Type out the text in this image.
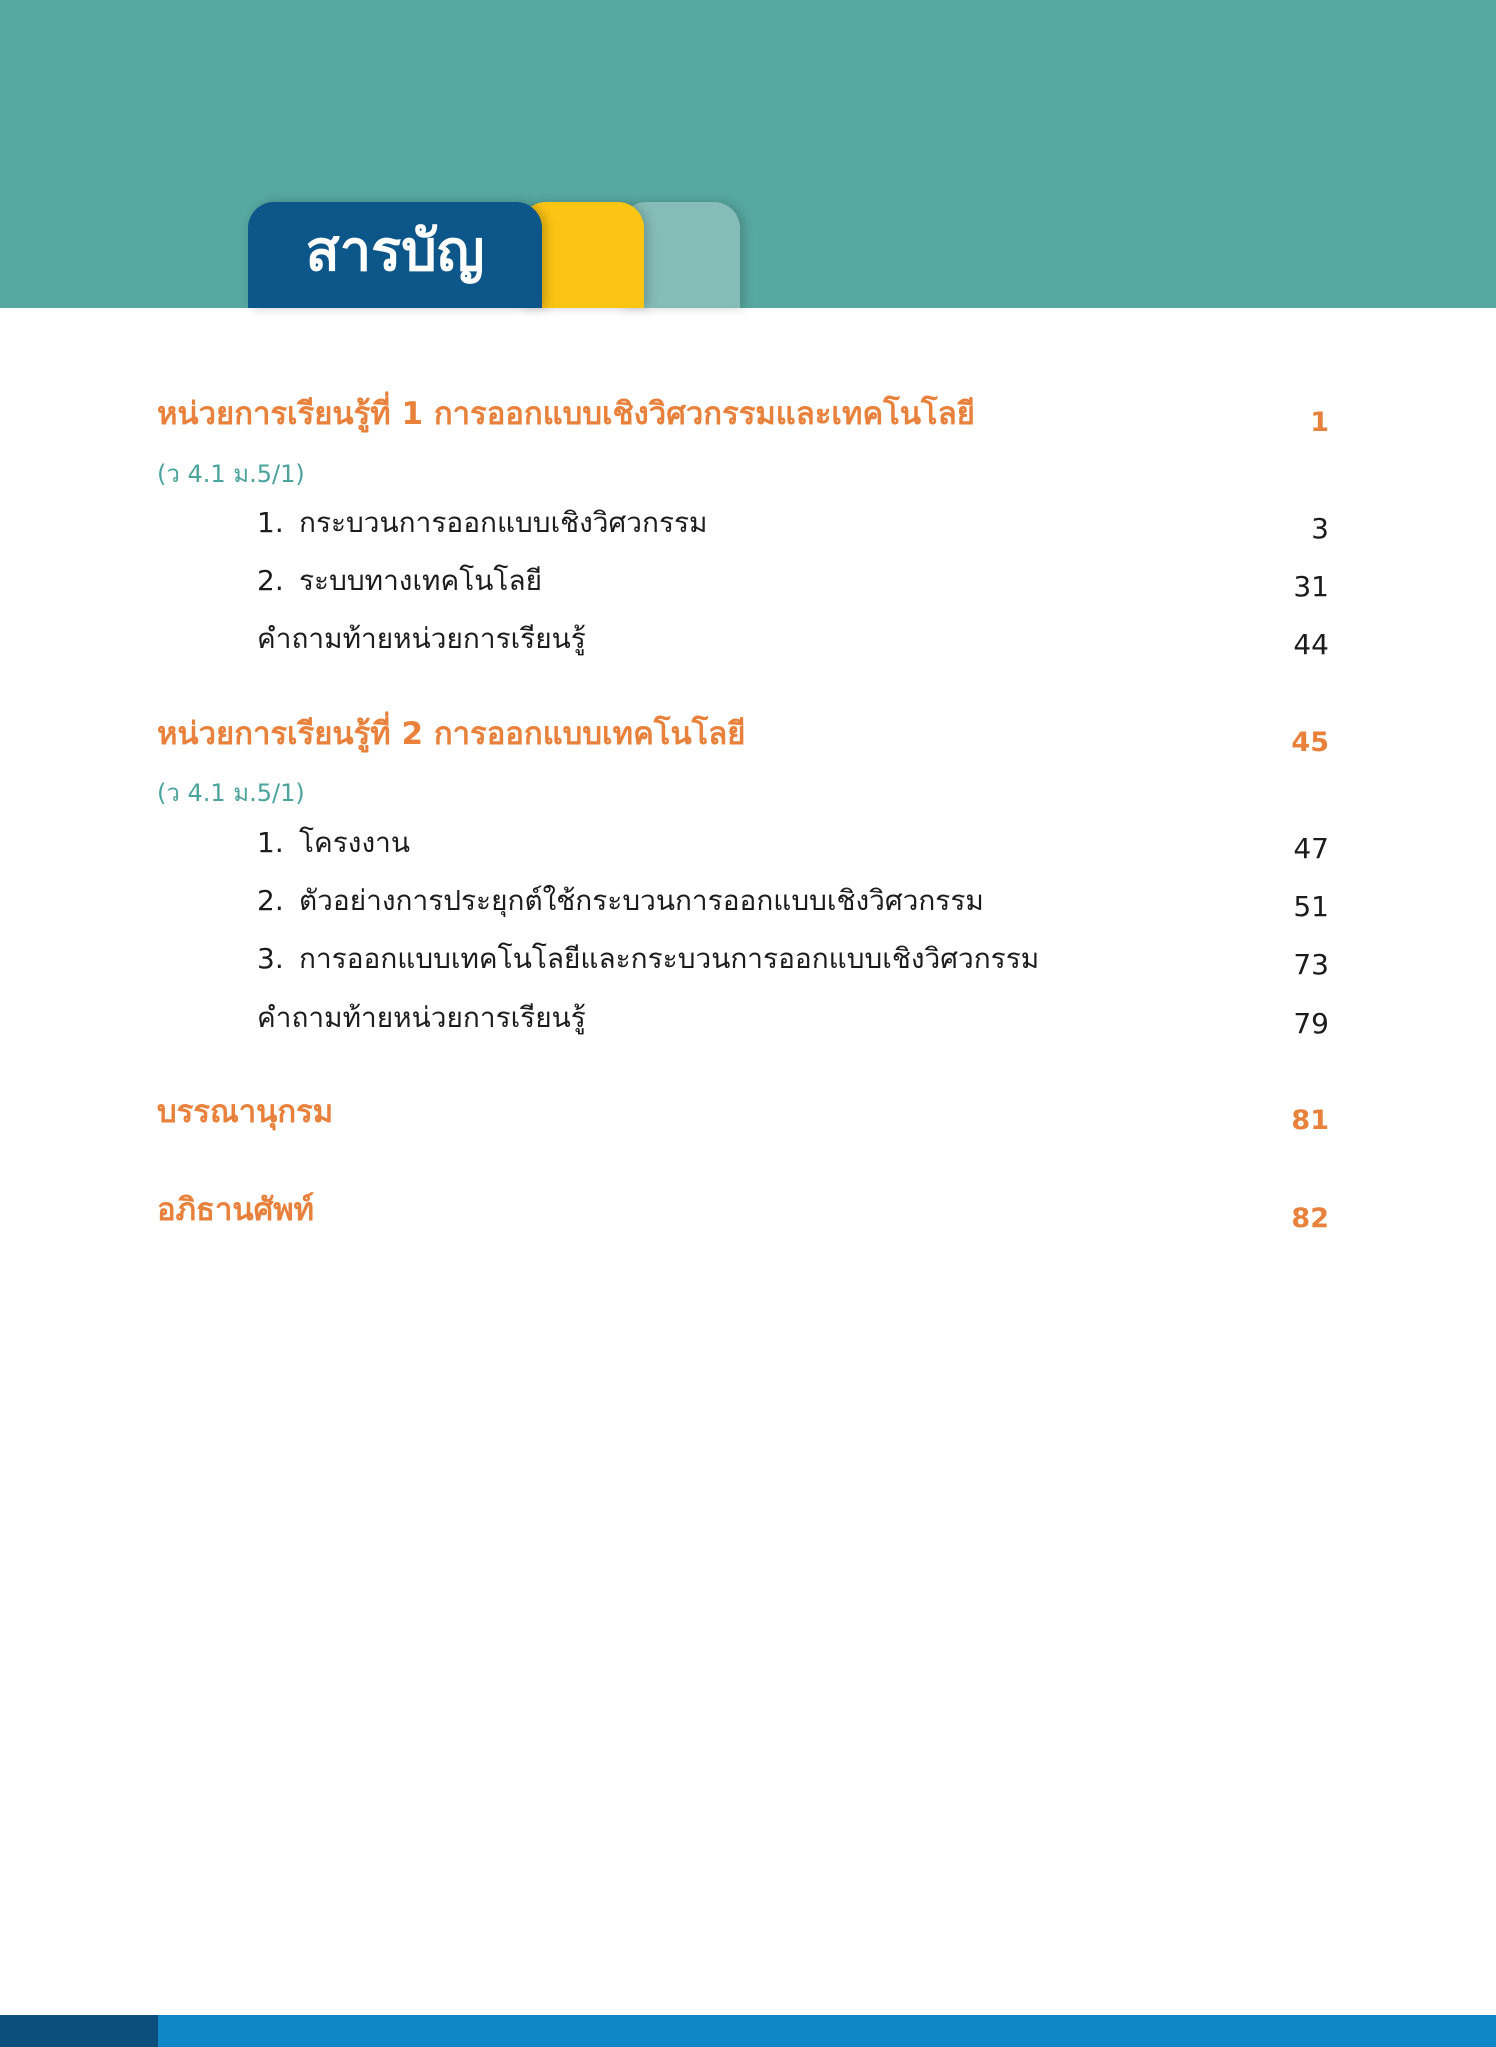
สารบัญ
หน่วยการเรียนรู้ที่ 1 การออกแบบเชิงวิศวกรรมและเทคโนโลยี	1
(ว 4.1 ม.5/1)
1. กระบวนการออกแบบเชิงวิศวกรรม	3
2. ระบบทางเทคโนโลยี	31
คำถามท้ายหน่วยการเรียนรู้	44
หน่วยการเรียนรู้ที่ 2 การออกแบบเทคโนโลยี	45
(ว 4.1 ม.5/1)
1. โครงงาน	47
2. ตัวอย่างการประยุกต์ใช้กระบวนการออกแบบเชิงวิศวกรรม	51
3. การออกแบบเทคโนโลยีและกระบวนการออกแบบเชิงวิศวกรรม	73
คำถามท้ายหน่วยการเรียนรู้	79
บรรณานุกรม	81
อภิธานศัพท์	82
